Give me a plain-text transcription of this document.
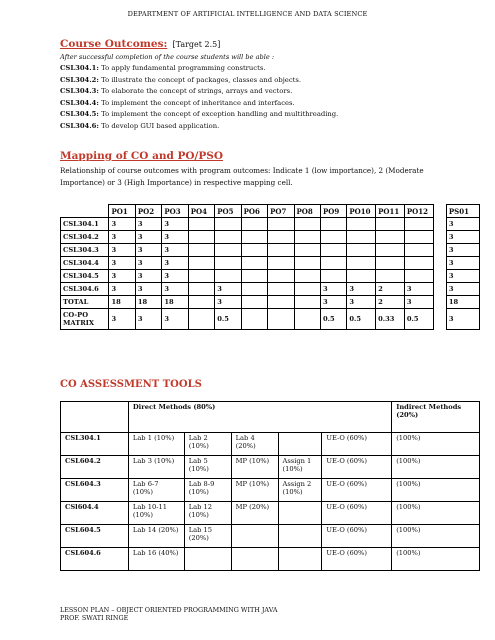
DEPARTMENT OF ARTIFICIAL INTELLIGENCE AND DATA SCIENCE
Course Outcomes: [Target 2.5]
After successful completion of the course students will be able :
CSL304.1: To apply fundamental programming constructs.
CSL304.2: To illustrate the concept of packages, classes and objects.
CSL304.3: To elaborate the concept of strings, arrays and vectors.
CSL304.4: To implement the concept of inheritance and interfaces.
CSL304.5: To implement the concept of exception handling and multithreading.
CSL304.6: To develop GUI based application.
Mapping of CO and PO/PSO
Relationship of course outcomes with program outcomes: Indicate 1 (low importance), 2 (Moderate Importance) or 3 (High Importance) in respective mapping cell.
	PO1	PO2	PO3	PO4	PO5	PO6	PO7	PO8	PO9	PO10	PO11	PO12		PS01
CSL304.1	3	3	3											3
CSL304.2	3	3	3											3
CSL304.3	3	3	3											3
CSL304.4	3	3	3											3
CSL304.5	3	3	3											3
CSL304.6	3	3	3		3				3	3	2	3		3
TOTAL	18	18	18		3				3	3	2	3		18
CO-PO MATRIX	3	3	3		0.5				0.5	0.5	0.33	0.5		3
CO ASSESSMENT TOOLS
	Direct Methods (80%)					Indirect Methods (20%)
CSL304.1	Lab 1 (10%)	Lab 2 (10%)	Lab 4 (20%)		UE-O (60%)	(100%)
CSL604.2	Lab 3 (10%)	Lab 5 (10%)	MP (10%)	Assign 1 (10%)	UE-O (60%)	(100%)
CSL604.3	Lab 6-7 (10%)	Lab 8-9 (10%)	MP (10%)	Assign 2 (10%)	UE-O (60%)	(100%)
CSl604.4	Lab 10-11 (10%)	Lab 12 (10%)	MP (20%)		UE-O (60%)	(100%)
CSL604.5	Lab 14 (20%)	Lab 15 (20%)			UE-O (60%)	(100%)
CSL604.6	Lab 16 (40%)				UE-O (60%)	(100%)
LESSON PLAN – OBJECT ORIENTED PROGRAMMING WITH JAVA
PROF. SWATI RINGE
